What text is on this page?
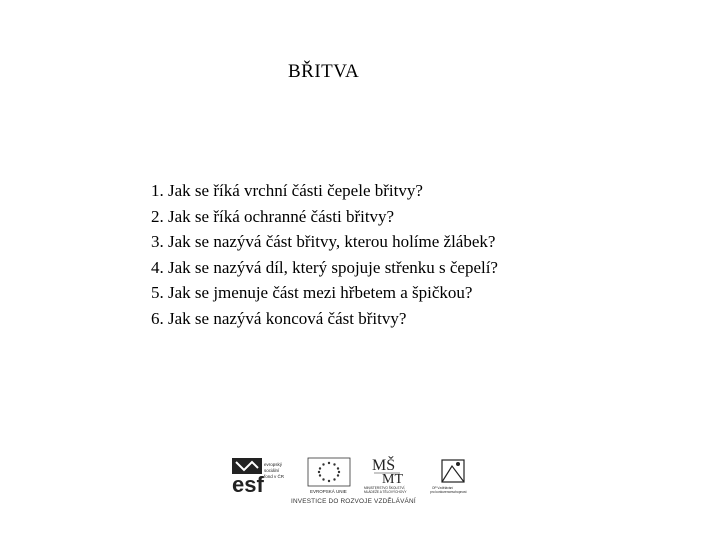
BŘITVA
1. Jak se říká vrchní části čepele břitvy?
2. Jak se říká ochranné části břitvy?
3. Jak se nazývá část břitvy, kterou holíme žlábek?
4. Jak se nazývá díl, který spojuje střenku s čepelí?
5. Jak se jmenuje část mezi hřbetem a špičkou?
6. Jak se nazývá koncová část břitvy?
esf
evropský
sociální
fond v ČR
EVROPSKÁ UNIE
MŠ
MT
MINISTERSTVO ŠKOLSTVÍ,
MLÁDEŽE A TĚLOVÝCHOVY
OP Vzdělávání
pro konkurenceschopnost
INVESTICE DO ROZVOJE VZDĚLÁVÁNÍ
